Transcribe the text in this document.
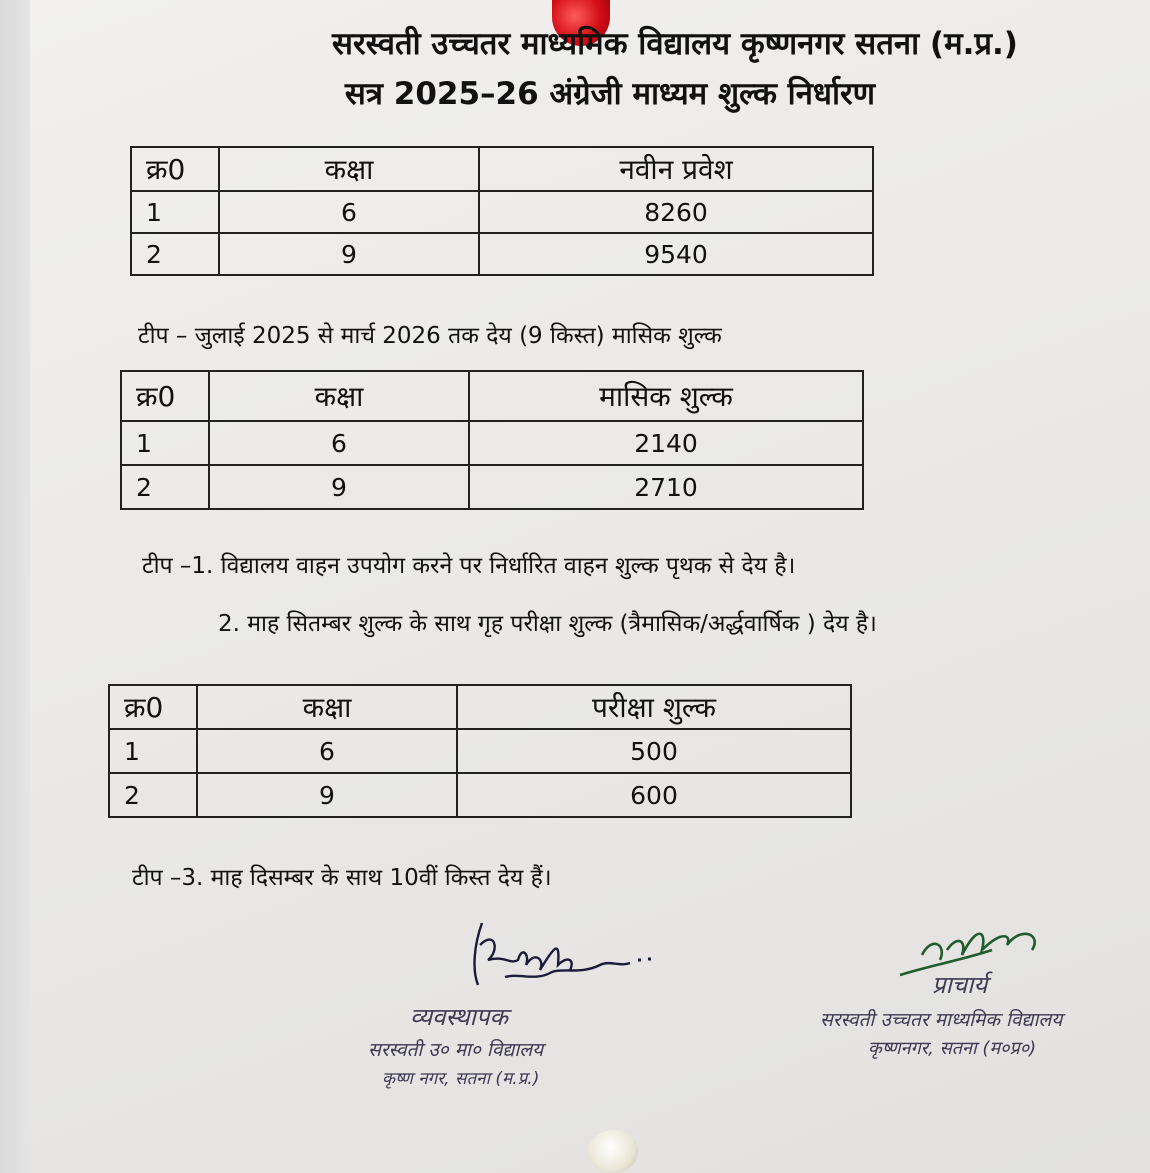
सरस्वती उच्चतर माध्यमिक विद्यालय कृष्णनगर सतना (म.प्र.)
सत्र 2025–26 अंग्रेजी माध्यम शुल्क निर्धारण
क्र0	कक्षा	नवीन प्रवेश
1	6	8260
2	9	9540
टीप – जुलाई 2025 से मार्च 2026 तक देय (9 किस्त) मासिक शुल्क
क्र0	कक्षा	मासिक शुल्क
1	6	2140
2	9	2710
टीप –1. विद्यालय वाहन उपयोग करने पर निर्धारित वाहन शुल्क पृथक से देय है।
2. माह सितम्बर शुल्क के साथ गृह परीक्षा शुल्क (त्रैमासिक/अर्द्धवार्षिक ) देय है।
क्र0	कक्षा	परीक्षा शुल्क
1	6	500
2	9	600
टीप –3. माह दिसम्बर के साथ 10वीं किस्त देय हैं।
व्यवस्थापक
सरस्वती उ० मा० विद्यालय
कृष्ण नगर, सतना (म.प्र.)
प्राचार्य
सरस्वती उच्चतर माध्यमिक विद्यालय
कृष्णनगर, सतना (म०प्र०)
